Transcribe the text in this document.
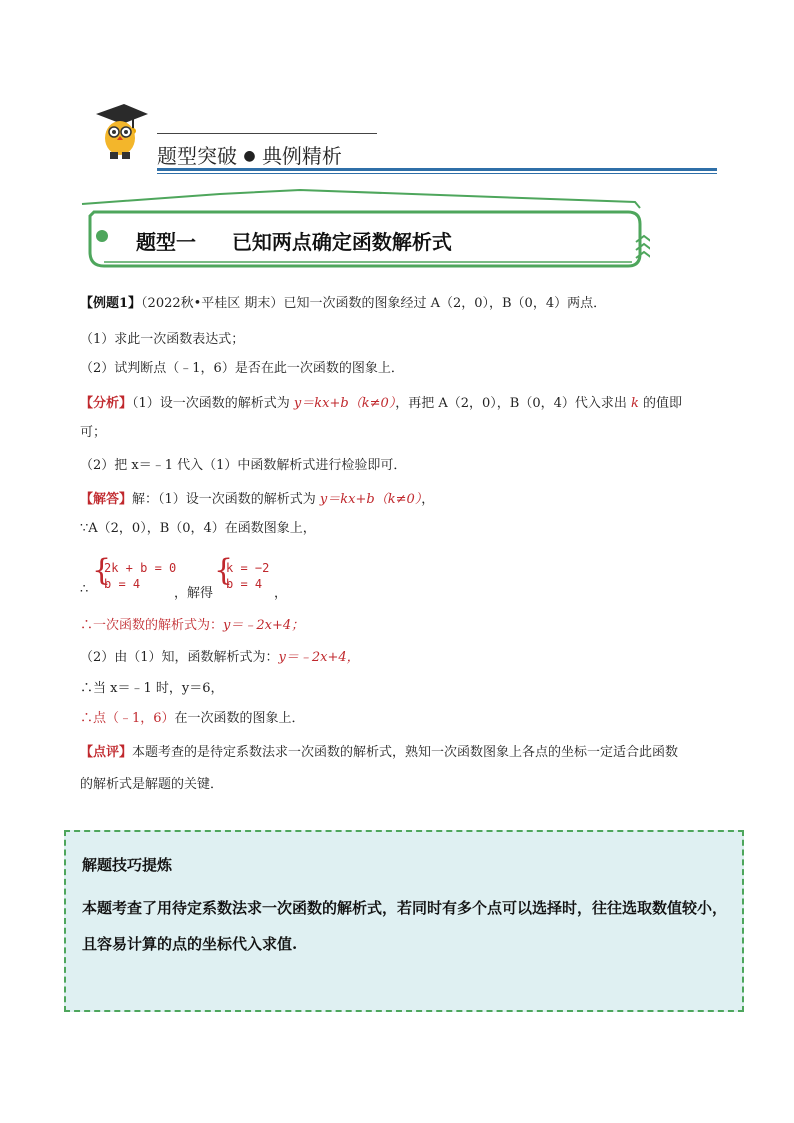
题型突破 ● 典例精析
题型一 已知两点确定函数解析式
【例题1】（2022秋•平桂区 期末）已知一次函数的图象经过 A（2，0），B（0，4）两点．
（1）求此一次函数表达式；
（2）试判断点（﹣1，6）是否在此一次函数的图象上．
【分析】（1）设一次函数的解析式为 y＝kx+b（k≠0），再把 A（2，0），B（0，4）代入求出 k 的值即
可；
（2）把 x＝﹣1 代入（1）中函数解析式进行检验即可．
【解答】解：（1）设一次函数的解析式为 y＝kx+b（k≠0），
∵A（2，0），B（0，4）在函数图象上，
∴
{
2k + b = 0
b = 4
，解得
{
k = −2
b = 4
，
∴一次函数的解析式为：y＝﹣2x+4；
（2）由（1）知，函数解析式为：y＝﹣2x+4，
∴当 x＝﹣1 时，y＝6，
∴点（﹣1，6）在一次函数的图象上．
【点评】本题考查的是待定系数法求一次函数的解析式，熟知一次函数图象上各点的坐标一定适合此函数
的解析式是解题的关键．
解题技巧提炼
本题考查了用待定系数法求一次函数的解析式，若同时有多个点可以选择时，往往选取数值较小，且容易计算的点的坐标代入求值.
